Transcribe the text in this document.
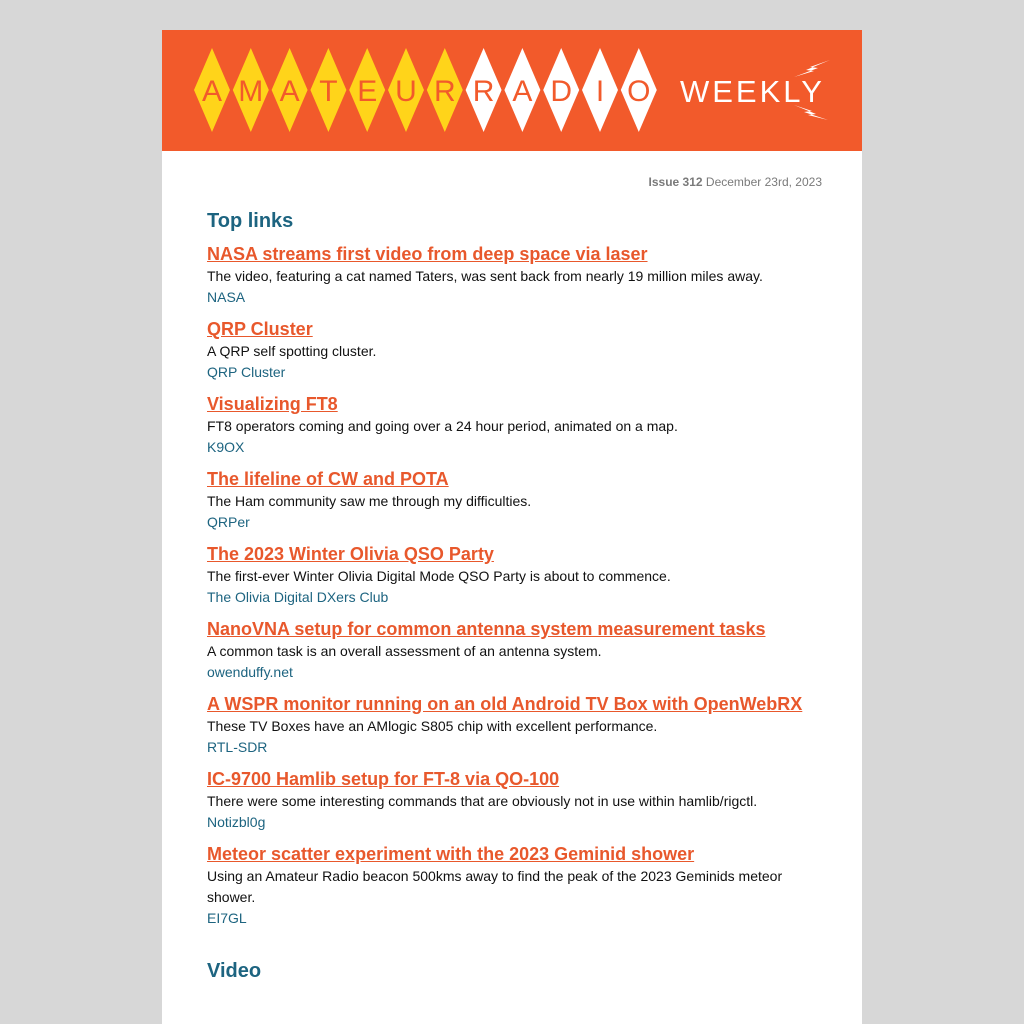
A M A T E U R R A D I O WEEKLY
Issue 312 December 23rd, 2023
Top links
NASA streams first video from deep space via laser
The video, featuring a cat named Taters, was sent back from nearly 19 million miles away.
NASA
QRP Cluster
A QRP self spotting cluster.
QRP Cluster
Visualizing FT8
FT8 operators coming and going over a 24 hour period, animated on a map.
K9OX
The lifeline of CW and POTA
The Ham community saw me through my difficulties.
QRPer
The 2023 Winter Olivia QSO Party
The first-ever Winter Olivia Digital Mode QSO Party is about to commence.
The Olivia Digital DXers Club
NanoVNA setup for common antenna system measurement tasks
A common task is an overall assessment of an antenna system.
owenduffy.net
A WSPR monitor running on an old Android TV Box with OpenWebRX
These TV Boxes have an AMlogic S805 chip with excellent performance.
RTL-SDR
IC-9700 Hamlib setup for FT-8 via QO-100
There were some interesting commands that are obviously not in use within hamlib/rigctl.
Notizbl0g
Meteor scatter experiment with the 2023 Geminid shower
Using an Amateur Radio beacon 500kms away to find the peak of the 2023 Geminids meteor shower.
EI7GL
Video
